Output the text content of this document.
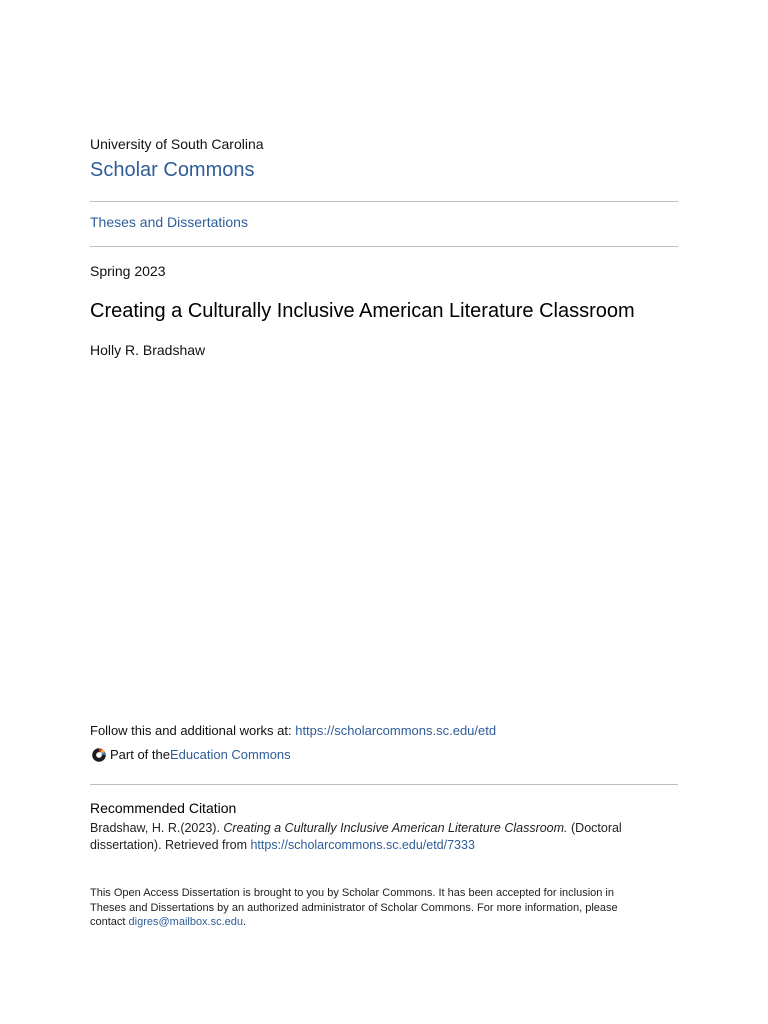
University of South Carolina
Scholar Commons
Theses and Dissertations
Spring 2023
Creating a Culturally Inclusive American Literature Classroom
Holly R. Bradshaw
Follow this and additional works at: https://scholarcommons.sc.edu/etd
Part of the Education Commons
Recommended Citation
Bradshaw, H. R.(2023). Creating a Culturally Inclusive American Literature Classroom. (Doctoral dissertation). Retrieved from https://scholarcommons.sc.edu/etd/7333
This Open Access Dissertation is brought to you by Scholar Commons. It has been accepted for inclusion in Theses and Dissertations by an authorized administrator of Scholar Commons. For more information, please contact digres@mailbox.sc.edu.
